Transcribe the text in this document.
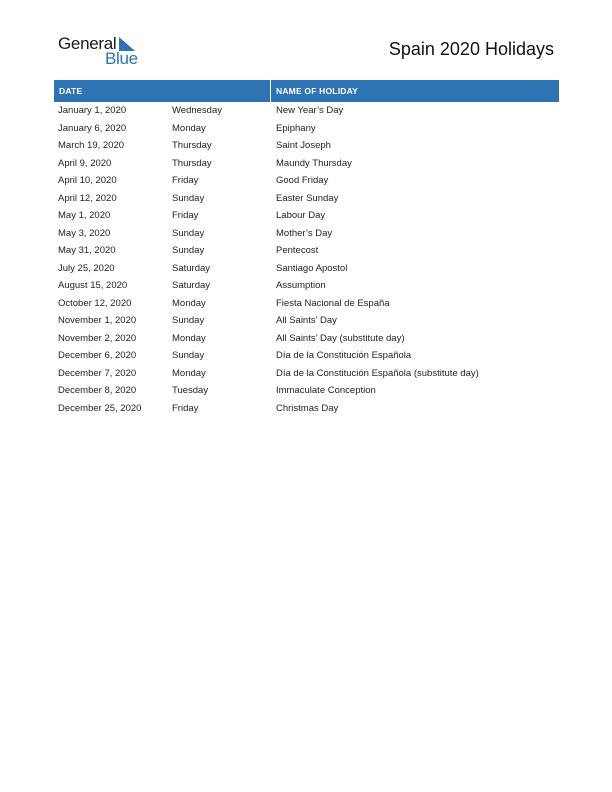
General
Blue	Spain 2020 Holidays
DATE	NAME OF HOLIDAY
January 1, 2020	Wednesday	New Year’s Day
January 6, 2020	Monday	Epiphany
March 19, 2020	Thursday	Saint Joseph
April 9, 2020	Thursday	Maundy Thursday
April 10, 2020	Friday	Good Friday
April 12, 2020	Sunday	Easter Sunday
May 1, 2020	Friday	Labour Day
May 3, 2020	Sunday	Mother’s Day
May 31, 2020	Sunday	Pentecost
July 25, 2020	Saturday	Santiago Apostol
August 15, 2020	Saturday	Assumption
October 12, 2020	Monday	Fiesta Nacional de España
November 1, 2020	Sunday	All Saints’ Day
November 2, 2020	Monday	All Saints’ Day (substitute day)
December 6, 2020	Sunday	Día de la Constitución Española
December 7, 2020	Monday	Día de la Constitución Española (substitute day)
December 8, 2020	Tuesday	Immaculate Conception
December 25, 2020	Friday	Christmas Day
